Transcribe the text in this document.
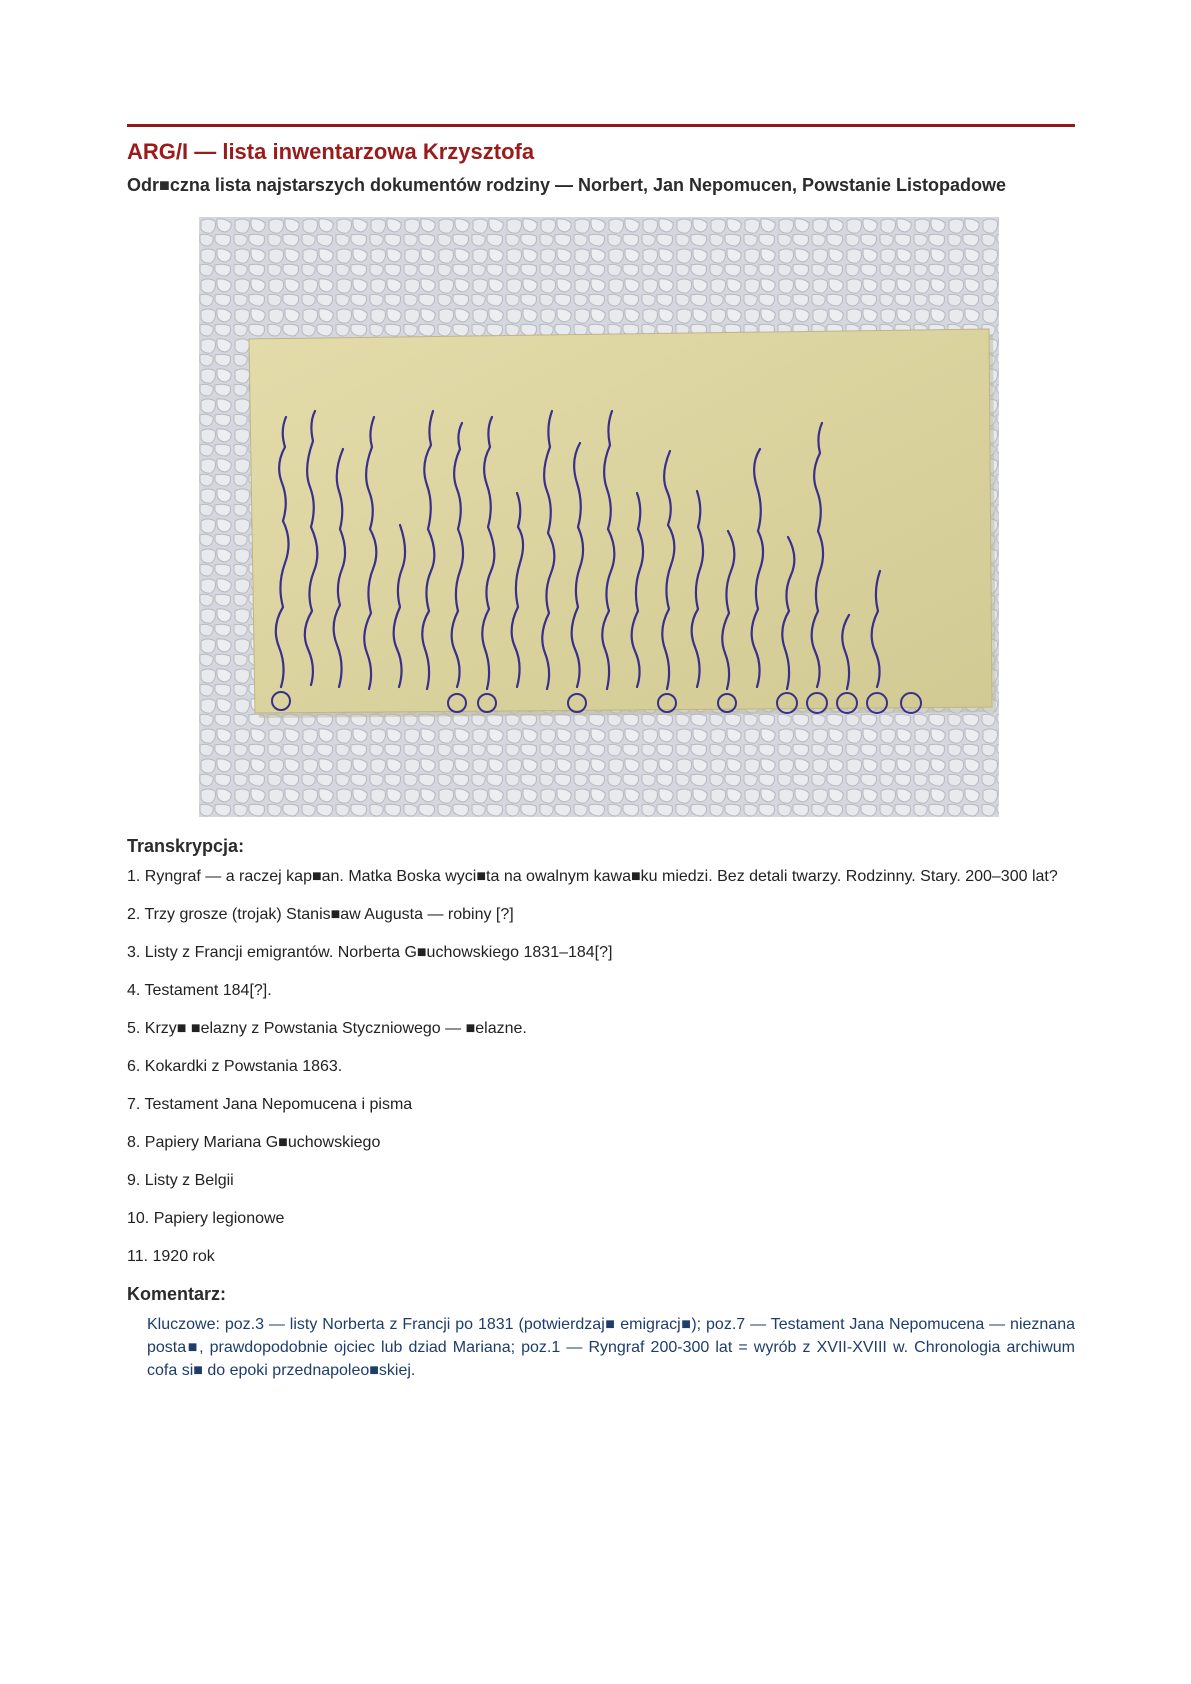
ARG/I — lista inwentarzowa Krzysztofa
Odr■czna lista najstarszych dokumentów rodziny — Norbert, Jan Nepomucen, Powstanie Listopadowe
Transkrypcja:

1. Ryngraf — a raczej kap■an. Matka Boska wyci■ta na owalnym kawa■ku miedzi. Bez detali twarzy. Rodzinny. Stary. 200–300 lat?

2. Trzy grosze (trojak) Stanis■aw Augusta — robiny [?]

3. Listy z Francji emigrantów. Norberta G■uchowskiego 1831–184[?]

4. Testament 184[?].

5. Krzy■ ■elazny z Powstania Styczniowego — ■elazne.

6. Kokardki z Powstania 1863.

7. Testament Jana Nepomucena i pisma

8. Papiery Mariana G■uchowskiego

9. Listy z Belgii

10. Papiery legionowe

11. 1920 rok

Komentarz:
Kluczowe: poz.3 — listy Norberta z Francji po 1831 (potwierdzaj■ emigracj■); poz.7 — Testament Jana Nepomucena — nieznana posta■, prawdopodobnie ojciec lub dziad Mariana; poz.1 — Ryngraf 200-300 lat = wyrób z XVII-XVIII w. Chronologia archiwum cofa si■ do epoki przednapoleo■skiej.
